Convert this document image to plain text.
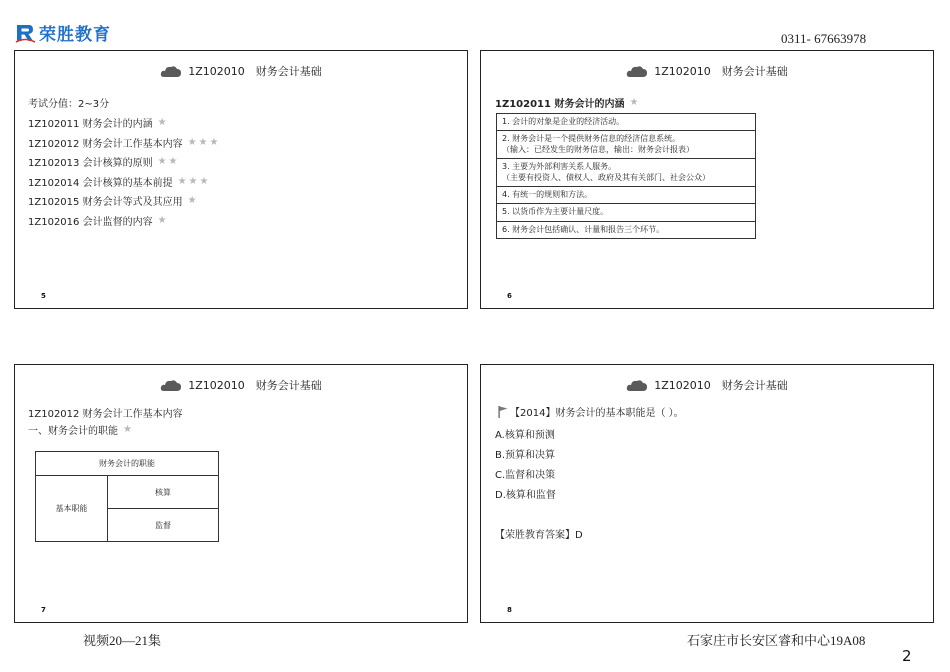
荣胜教育	0311- 67663978
1Z102010　财务会计基础
考试分值：2~3分
1Z102011 财务会计的内涵 ★
1Z102012 财务会计工作基本内容 ★ ★ ★
1Z102013 会计核算的原则 ★ ★
1Z102014 会计核算的基本前提 ★ ★ ★
1Z102015 财务会计等式及其应用 ★
1Z102016 会计监督的内容 ★
5
1Z102010　财务会计基础
1Z102011 财务会计的内涵 ★
1. 会计的对象是企业的经济活动。

2. 财务会计是一个提供财务信息的经济信息系统。
（输入：已经发生的财务信息，输出：财务会计报表）

3. 主要为外部利害关系人服务。
（主要有投资人、债权人、政府及其有关部门、社会公众）

4. 有统一的规则和方法。

5. 以货币作为主要计量尺度。

6. 财务会计包括确认、计量和报告三个环节。
6
1Z102010　财务会计基础
1Z102012 财务会计工作基本内容
一、财务会计的职能 ★
财务会计的职能
基本职能	核算
监督
7
1Z102010　财务会计基础
【2014】财务会计的基本职能是（ ）。
A.核算和预测
B.预算和决算
C.监督和决策
D.核算和监督
【荣胜教育答案】D
8
视频20—21集	石家庄市长安区睿和中心19A08
2
